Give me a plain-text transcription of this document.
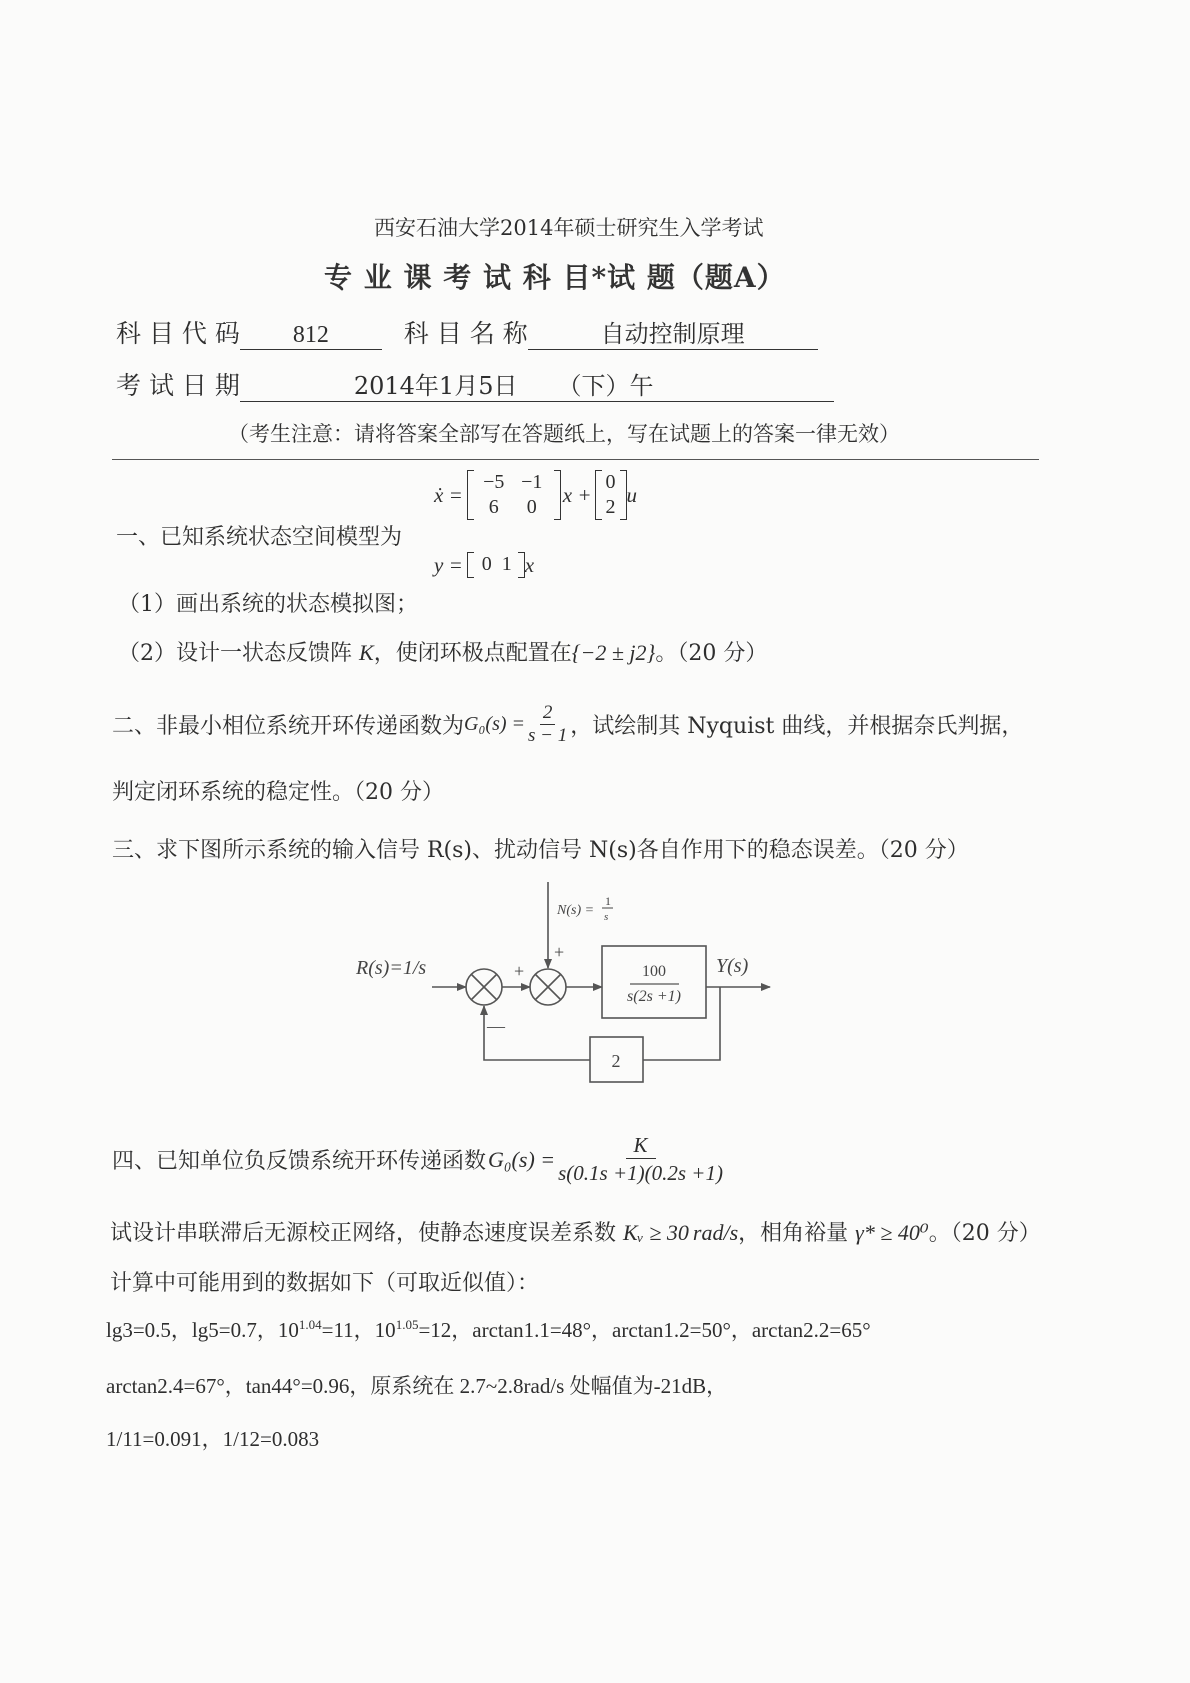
西安石油大学2014年硕士研究生入学考试
专 业 课 考 试 科 目*试 题（题A）
科 目 代 码 812	科 目 名 称	自动控制原理
考 试 日 期	2014年1月5日 （下）午
（考生注意：请将答案全部写在答题纸上，写在试题上的答案一律无效）
ẋ =
−5 −1
6	0
x +
0
2
u
一、已知系统状态空间模型为
y = 0 1 x
（1）画出系统的状态模拟图；
（2）设计一状态反馈阵 K，使闭环极点配置在{−2 ± j2}。（20 分）
二、非最小相位系统开环传递函数为 $G_0(s) = \frac{2}{s - 1}$ ，试绘制其 Nyquist 曲线，并根据奈氏判据，
判定闭环系统的稳定性。（20 分）
三、求下图所示系统的输入信号 R(s)、扰动信号 N(s)各自作用下的稳态误差。（20 分）
R(s)=1/s
N(s) =
1
s
+
+
—
100
s(2s +1)
2
Y(s)
四、已知单位负反馈系统开环传递函数 $G_0(s) = \frac{K}{s(0.1s +1)(0.2s +1)}$
试设计串联滞后无源校正网络，使静态速度误差系数 Kᵥ ≥ 30 rad/s，相角裕量 γ* ≥ 40⁰。（20 分）
计算中可能用到的数据如下（可取近似值）：
lg3=0.5，lg5=0.7，$10^{1.04}=11$，$10^{1.05}=12$，arctan1.1=48°，arctan1.2=50°，arctan2.2=65°
arctan2.4=67°，tan44°=0.96，原系统在 2.7~2.8rad/s 处幅值为-21dB，
1/11=0.091，1/12=0.083
